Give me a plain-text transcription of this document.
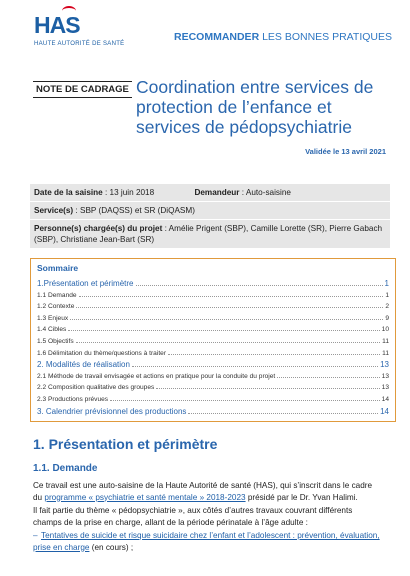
HAS
HAUTE AUTORITÉ DE SANTÉ
RECOMMANDER LES BONNES PRATIQUES
NOTE DE CADRAGE Coordination entre services de protection de l’enfance et services de pédopsychiatrie
Validée le 13 avril 2021
Date de la saisine : 13 juin 2018	Demandeur : Auto-saisine
Service(s) : SBP (DAQSS) et SR (DiQASM)
Personne(s) chargée(s) du projet : Amélie Prigent (SBP), Camille Lorette (SR), Pierre Gabach (SBP), Christiane Jean-Bart (SR)
Sommaire
1.Présentation et périmètre	1
1.1 Demande	1
1.2 Contexte	2
1.3 Enjeux	9
1.4 Cibles	10
1.5 Objectifs	11
1.6 Délimitation du thème/questions à traiter	11
2. Modalités de réalisation	13
2.1 Méthode de travail envisagée et actions en pratique pour la conduite du projet	13
2.2 Composition qualitative des groupes	13
2.3 Productions prévues	14
3. Calendrier prévisionnel des productions	14
1. Présentation et périmètre
1.1. Demande
Ce travail est une auto-saisine de la Haute Autorité de santé (HAS), qui s’inscrit dans le cadre du programme « psychiatrie et santé mentale » 2018-2023 présidé par le Dr. Yvan Halimi.
Il fait partie du thème « pédopsychiatrie », aux côtés d’autres travaux couvrant différents champs de la prise en charge, allant de la période périnatale à l’âge adulte :
– Tentatives de suicide et risque suicidaire chez l’enfant et l’adolescent : prévention, évaluation, prise en charge (en cours) ;
